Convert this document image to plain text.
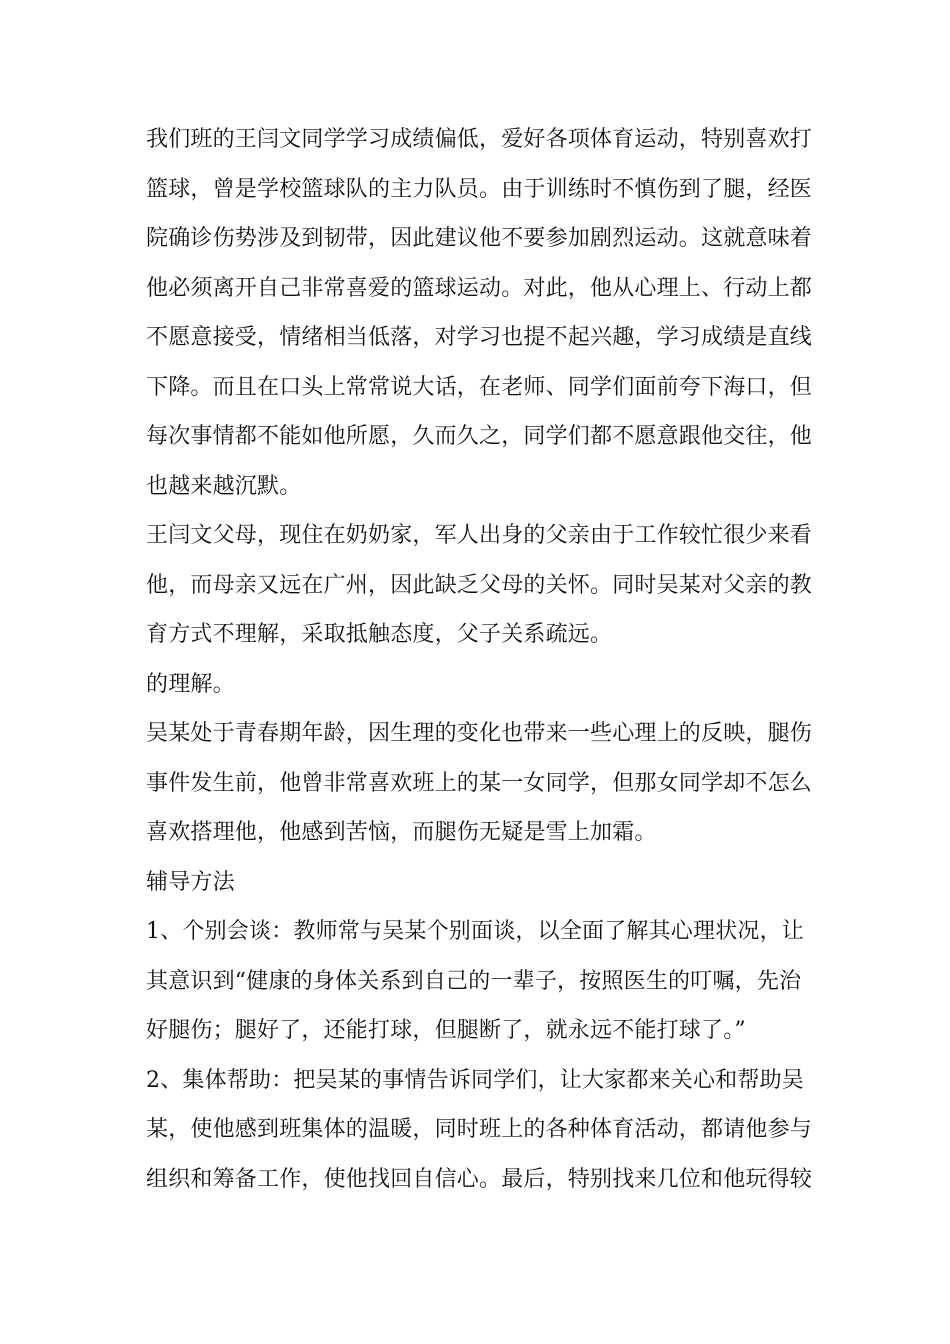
我们班的王闫文同学学习成绩偏低，爱好各项体育运动，特别喜欢打
篮球，曾是学校篮球队的主力队员。由于训练时不慎伤到了腿，经医
院确诊伤势涉及到韧带，因此建议他不要参加剧烈运动。这就意味着
他必须离开自己非常喜爱的篮球运动。对此，他从心理上、行动上都
不愿意接受，情绪相当低落，对学习也提不起兴趣，学习成绩是直线
下降。而且在口头上常常说大话，在老师、同学们面前夸下海口，但
每次事情都不能如他所愿，久而久之，同学们都不愿意跟他交往，他
也越来越沉默。
王闫文父母，现住在奶奶家，军人出身的父亲由于工作较忙很少来看
他，而母亲又远在广州，因此缺乏父母的关怀。同时吴某对父亲的教
育方式不理解，采取抵触态度，父子关系疏远。
的理解。
吴某处于青春期年龄，因生理的变化也带来一些心理上的反映，腿伤
事件发生前，他曾非常喜欢班上的某一女同学，但那女同学却不怎么
喜欢搭理他，他感到苦恼，而腿伤无疑是雪上加霜。
辅导方法
1、个别会谈：教师常与吴某个别面谈，以全面了解其心理状况，让
其意识到“健康的身体关系到自己的一辈子，按照医生的叮嘱，先治
好腿伤；腿好了，还能打球，但腿断了，就永远不能打球了。”
2、集体帮助：把吴某的事情告诉同学们，让大家都来关心和帮助吴
某，使他感到班集体的温暖，同时班上的各种体育活动，都请他参与
组织和筹备工作，使他找回自信心。最后，特别找来几位和他玩得较
